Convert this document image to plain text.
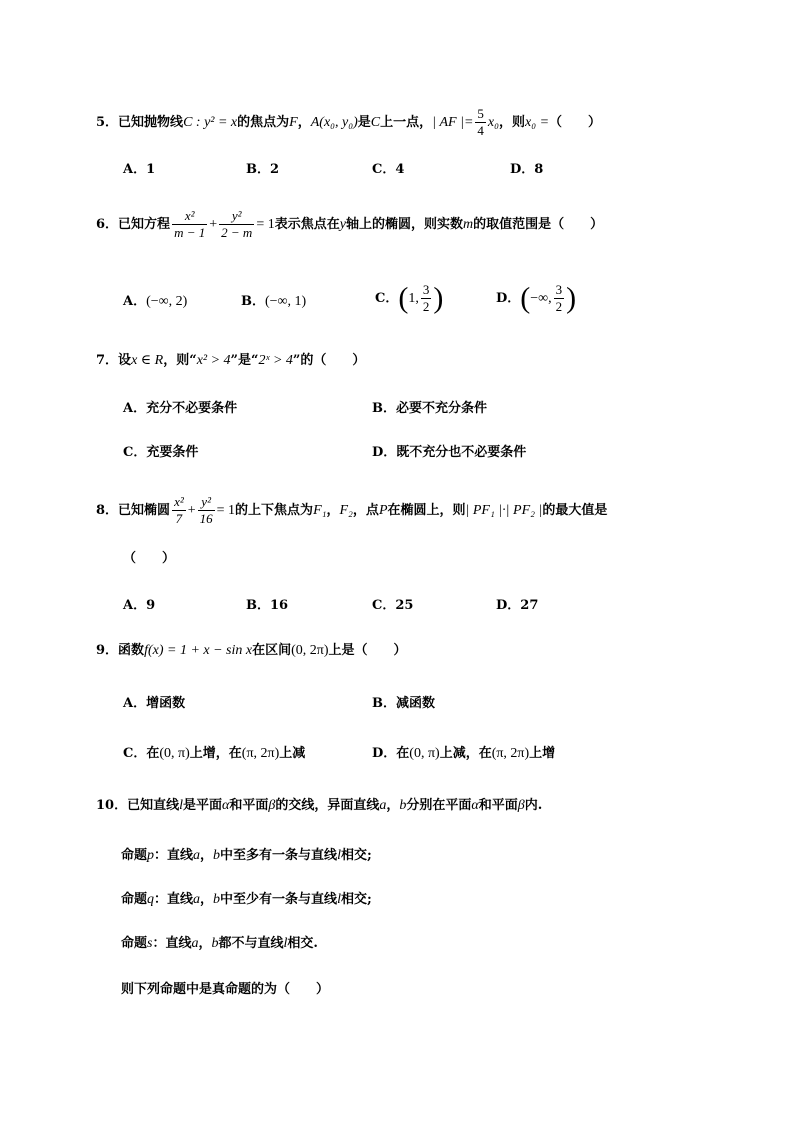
5．已知抛物线C : y² = x的焦点为F，A(x₀, y₀)是C上一点，| AF |= $\frac{5}{4} x_0$，则x₀ =（　　）
A．1	B．2	C．4	D．8
6．已知方程 $\frac{\text{x²}}{m - 1} + \frac{\text{y²}}{2 - m} = 1$表示焦点在y轴上的椭圆，则实数m的取值范围是（　　）
A．(−∞, 2)	B．(−∞, 1)	C．(1, $\frac{3}{2}$ )	D．(−∞, $\frac{3}{2}$ )
7．设x ∈ R，则“x² > 4”是“2ˣ > 4”的（　　）
A．充分不必要条件	B．必要不充分条件
C．充要条件	D．既不充分也不必要条件
8．已知椭圆 $\frac{\text{x²}}{7} + \frac{\text{y²}}{16} = 1$的上下焦点为F₁，F₂，点P在椭圆上，则| PF₁ |·| PF₂ |的最大值是
（　　）
A．9	B．16	C．25	D．27
9．函数f(x) = 1 + x − sin x在区间(0, 2π)上是（　　）
A．增函数	B．减函数
C．在(0, π)上增，在(π, 2π)上减	D．在(0, π)上减，在(π, 2π)上增
10．已知直线l是平面α和平面β的交线，异面直线a，b分别在平面α和平面β内.
命题p：直线a，b中至多有一条与直线l相交;
命题q：直线a，b中至少有一条与直线l相交;
命题s：直线a，b都不与直线l相交.
则下列命题中是真命题的为（　　）
